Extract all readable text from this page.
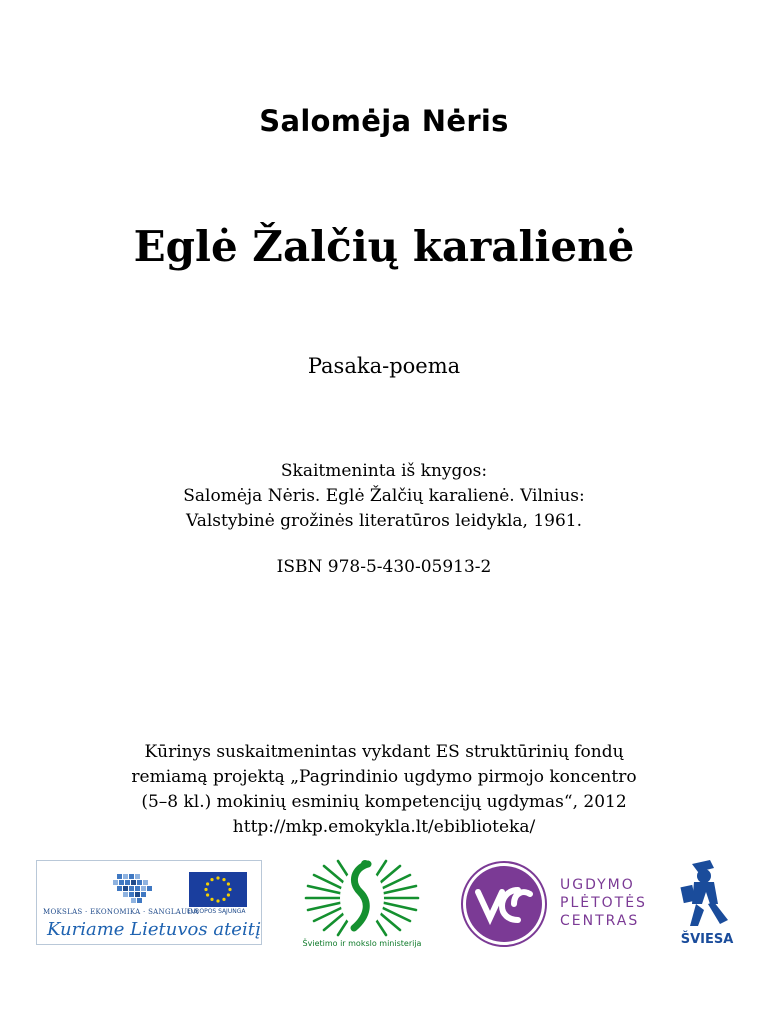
Salomėja Nėris
Eglė Žalčių karalienė
Pasaka-poema
Skaitmeninta iš knygos:
Salomėja Nėris. Eglė Žalčių karalienė. Vilnius:
Valstybinė grožinės literatūros leidykla, 1961.
ISBN 978-5-430-05913-2
Kūrinys suskaitmenintas vykdant ES struktūrinių fondų
remiamą projektą „Pagrindinio ugdymo pirmojo koncentro
(5–8 kl.) mokinių esminių kompetencijų ugdymas“, 2012
http://mkp.emokykla.lt/ebiblioteka/
MOKSLAS · EKONOMIKA · SANGLAUDA
EUROPOS SĄJUNGA
Kuriame Lietuvos ateitį
Švietimo ir mokslo ministerija
UGDYMO
PLĖTOTĖS
CENTRAS
ŠVIESA
